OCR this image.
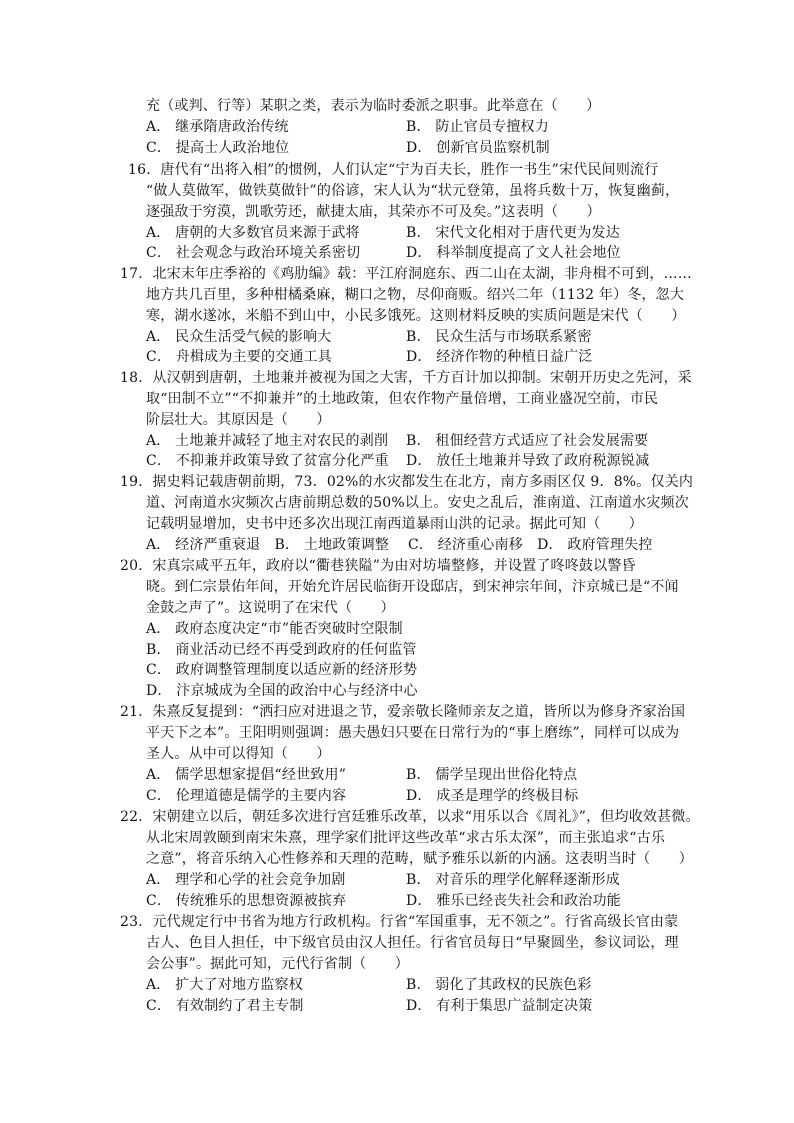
充（或判、行等）某职之类，表示为临时委派之职事。此举意在（　　）
A． 继承隋唐政治传统	B． 防止官员专擅权力
C． 提高士人政治地位	D． 创新官员监察机制
16．唐代有“出将入相”的惯例，人们认定“宁为百夫长，胜作一书生”宋代民间则流行
“做人莫做军，做铁莫做针”的俗谚，宋人认为“状元登第，虽将兵数十万，恢复幽蓟，
逐强敌于穷漠，凯歌劳还，献捷太庙，其荣亦不可及矣。”这表明（　　）
A． 唐朝的大多数官员来源于武将	B． 宋代文化相对于唐代更为发达
C． 社会观念与政治环境关系密切	D． 科举制度提高了文人社会地位
17．北宋末年庄季裕的《鸡肋编》载：平江府洞庭东、西二山在太湖，非舟楫不可到，……
地方共几百里，多种柑橘桑麻，糊口之物，尽仰商贩。绍兴二年（1132 年）冬，忽大
寒，湖水遂冰，米船不到山中，小民多饿死。这则材料反映的实质问题是宋代（　　）
A． 民众生活受气候的影响大	B． 民众生活与市场联系紧密
C． 舟楫成为主要的交通工具	D． 经济作物的种植日益广泛
18．从汉朝到唐朝，土地兼并被视为国之大害，千方百计加以抑制。宋朝开历史之先河，采
取“田制不立”“不抑兼并”的土地政策，但农作物产量倍增，工商业盛况空前，市民
阶层壮大。其原因是（　　）
A． 土地兼并减轻了地主对农民的剥削 B． 租佃经营方式适应了社会发展需要
C． 不抑兼并政策导致了贫富分化严重 D． 放任土地兼并导致了政府税源锐减
19．据史料记载唐朝前期，73．02%的水灾都发生在北方，南方多雨区仅 9．8%。仅关内
道、河南道水灾频次占唐前期总数的50%以上。安史之乱后，淮南道、江南道水灾频次
记载明显增加，史书中还多次出现江南西道暴雨山洪的记录。据此可知（　　）
A． 经济严重衰退　B． 土地政策调整　 C． 经济重心南移　D． 政府管理失控
20．宋真宗咸平五年，政府以“衢巷狭隘”为由对坊墙整修，并设置了咚咚鼓以警昏
晓。到仁宗景佑年间，开始允许居民临街开设邸店，到宋神宗年间，汴京城已是“不闻
金鼓之声了”。这说明了在宋代（　　）
A． 政府态度决定“市”能否突破时空限制
B． 商业活动已经不再受到政府的任何监管
C． 政府调整管理制度以适应新的经济形势
D． 汴京城成为全国的政治中心与经济中心
21．朱熹反复提到：“洒扫应对进退之节，爱亲敬长隆师亲友之道，皆所以为修身齐家治国
平天下之本”。王阳明则强调：愚夫愚妇只要在日常行为的“事上磨练”，同样可以成为
圣人。从中可以得知（　　）
A． 儒学思想家提倡“经世致用”	B． 儒学呈现出世俗化特点
C． 伦理道德是儒学的主要内容	D． 成圣是理学的终极目标
22．宋朝建立以后，朝廷多次进行宫廷雅乐改革，以求“用乐以合《周礼》”，但均收效甚微。
从北宋周敦颐到南宋朱熹，理学家们批评这些改革“求古乐太深”，而主张追求“古乐
之意”，将音乐纳入心性修养和天理的范畴，赋予雅乐以新的内涵。这表明当时（　　）
A． 理学和心学的社会竞争加剧	B． 对音乐的理学化解释逐渐形成
C． 传统雅乐的思想资源被摈弃	D． 雅乐已经丧失社会和政治功能
23．元代规定行中书省为地方行政机构。行省“军国重事，无不领之”。行省高级长官由蒙
古人、色目人担任，中下级官员由汉人担任。行省官员每日“早聚圆坐，参议词讼，理
会公事”。据此可知，元代行省制（　　）
A． 扩大了对地方监察权	B． 弱化了其政权的民族色彩
C． 有效制约了君主专制	D． 有利于集思广益制定决策
